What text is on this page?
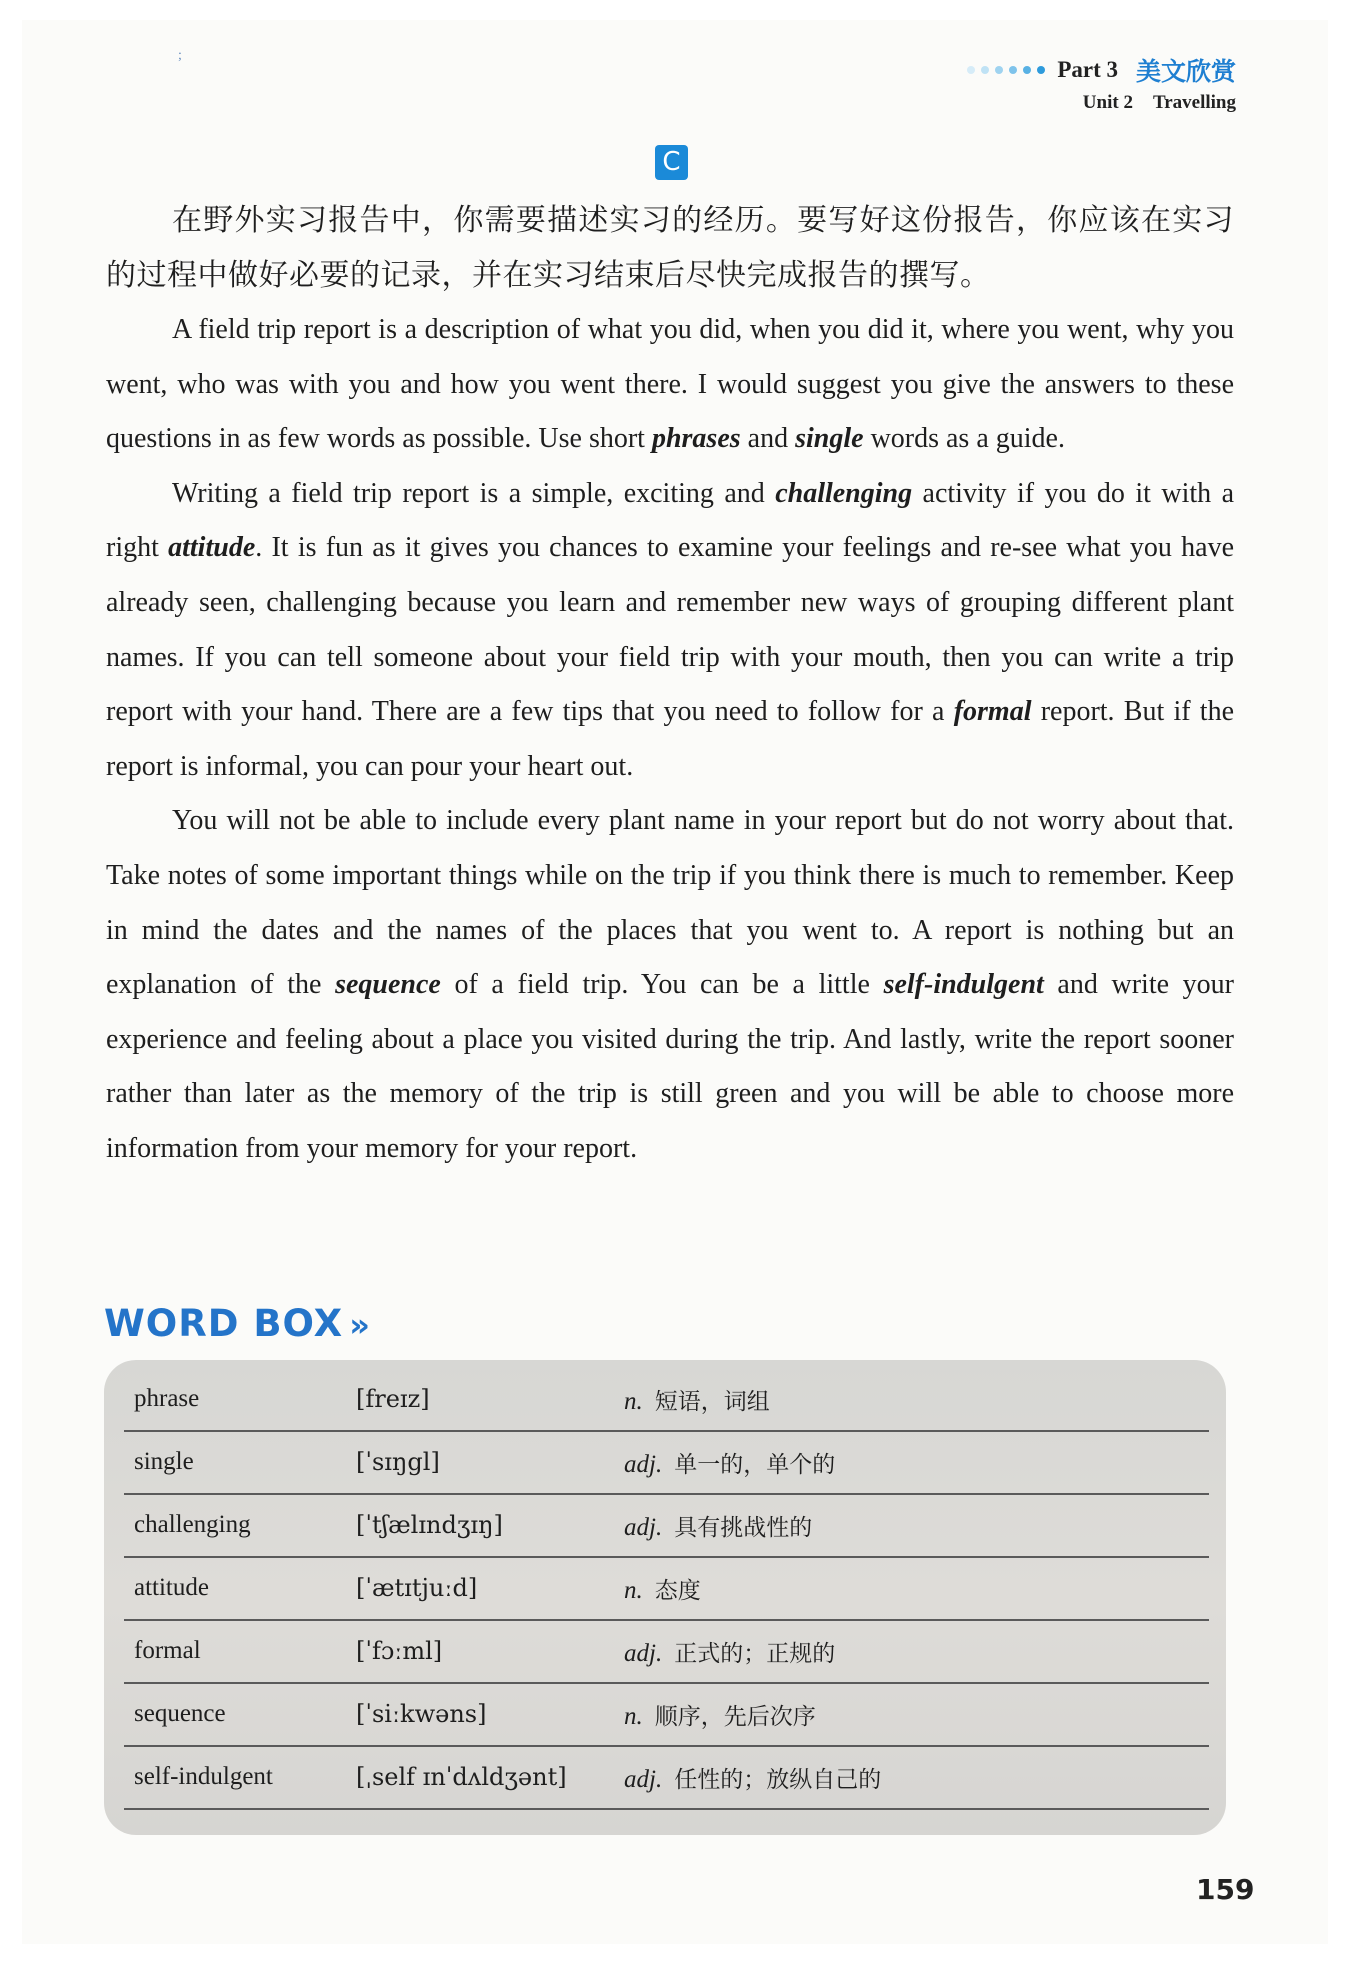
;
Part 3 美文欣赏
Unit 2 Travelling
C

在野外实习报告中，你需要描述实习的经历。要写好这份报告，你应该在实习的过程中做好必要的记录，并在实习结束后尽快完成报告的撰写。

A field trip report is a description of what you did, when you did it, where you went, why you went, who was with you and how you went there. I would suggest you give the answers to these questions in as few words as possible. Use short phrases and single words as a guide.

Writing a field trip report is a simple, exciting and challenging activity if you do it with a right attitude. It is fun as it gives you chances to examine your feelings and re-see what you have already seen, challenging because you learn and remember new ways of grouping different plant names. If you can tell someone about your field trip with your mouth, then you can write a trip report with your hand. There are a few tips that you need to follow for a formal report. But if the report is informal, you can pour your heart out.

You will not be able to include every plant name in your report but do not worry about that. Take notes of some important things while on the trip if you think there is much to remember. Keep in mind the dates and the names of the places that you went to. A report is nothing but an explanation of the sequence of a field trip. You can be a little self-indulgent and write your experience and feeling about a place you visited during the trip. And lastly, write the report sooner rather than later as the memory of the trip is still green and you will be able to choose more information from your memory for your report.

WORD BOX »
phrase	[freɪz]	n. 短语，词组
single	[ˈsɪŋgl]	adj. 单一的，单个的
challenging	[ˈtʃælɪndʒɪŋ]	adj. 具有挑战性的
attitude	[ˈætɪtjuːd]	n. 态度
formal	[ˈfɔːml]	adj. 正式的；正规的
sequence	[ˈsiːkwəns]	n. 顺序，先后次序
self-indulgent	[ˌself ɪnˈdʌldʒənt] adj. 任性的；放纵自己的
159
